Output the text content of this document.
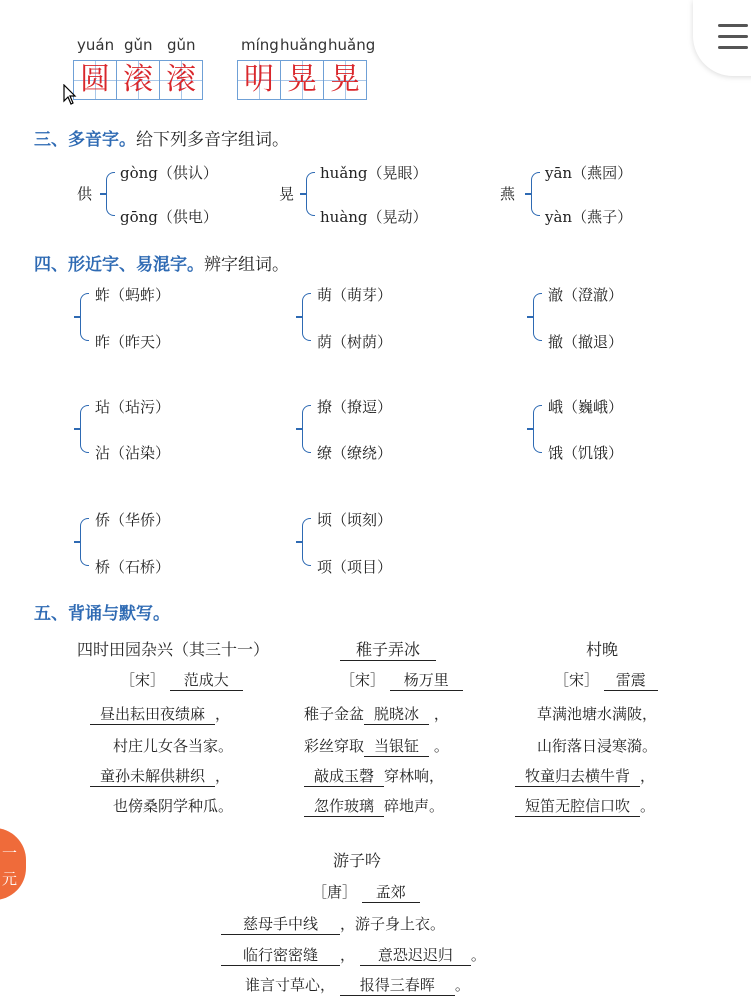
yuán gǔn gǔn	míng huǎng huǎng
圆 滚 滚 明 晃 晃
三、多音字。给下列多音字组词。
供
gòng（供认）
gōng（供电）
晃
huǎng（晃眼）
huàng（晃动）
燕
yān（燕园）
yàn（燕子）
四、形近字、易混字。辨字组词。
蚱（蚂蚱）
昨（昨天）
萌（萌芽）
荫（树荫）
澈（澄澈）
撤（撤退）
玷（玷污）
沾（沾染）
撩（撩逗）
缭（缭绕）
峨（巍峨）
饿（饥饿）
侨（华侨）
桥（石桥）
顷（顷刻）
项（项目）
五、背诵与默写。
四时田园杂兴（其三十一）
［宋］ 范成大
昼出耘田夜绩麻 ，
村庄儿女各当家。
童孙未解供耕织 ，
也傍桑阴学种瓜。
稚子弄冰
［宋］ 杨万里
稚子金盆 脱晓冰 ，
彩丝穿取 当银钲 。
敲成玉磬 穿林响，
忽作玻璃 碎地声。
村晚
［宋］ 雷震
草满池塘水满陂，
山衔落日浸寒漪。
牧童归去横牛背 ，
短笛无腔信口吹 。
游子吟
［唐］ 孟郊
慈母手中线 ，游子身上衣。
临行密密缝 ， 意恐迟迟归 。
谁言寸草心， 报得三春晖 。
一
元
